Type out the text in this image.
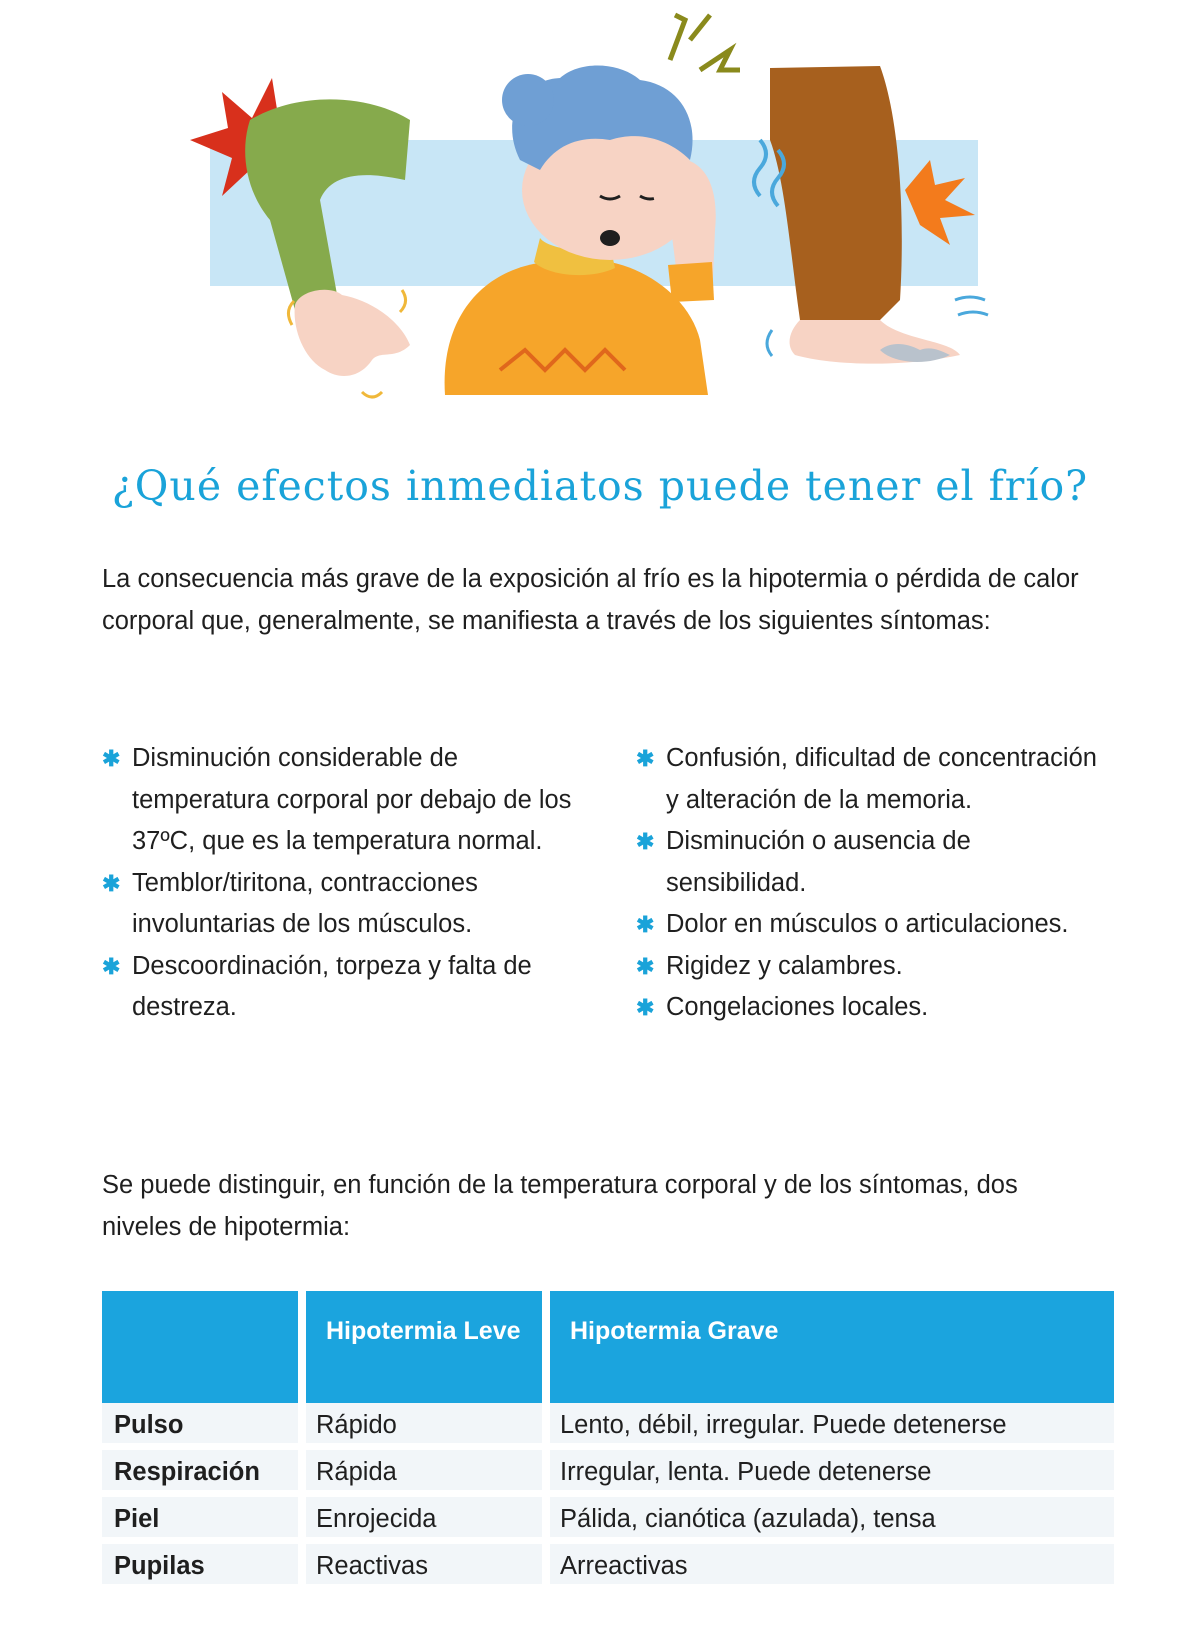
¿Qué efectos inmediatos puede tener el frío?

La consecuencia más grave de la exposición al frío es la hipotermia o pérdida de calor corporal que, generalmente, se manifiesta a través de los siguientes síntomas:

✱ Disminución considerable de temperatura corporal por debajo de los 37ºC, que es la temperatura normal.
✱ Temblor/tiritona, contracciones involuntarias de los músculos.
✱ Descoordinación, torpeza y falta de destreza.
✱ Confusión, dificultad de concentración y alteración de la memoria.
✱ Disminución o ausencia de sensibilidad.
✱ Dolor en músculos o articulaciones.
✱ Rigidez y calambres.
✱ Congelaciones locales.

Se puede distinguir, en función de la temperatura corporal y de los síntomas, dos niveles de hipotermia:

	Hipotermia Leve	Hipotermia Grave
Pulso	Rápido	Lento, débil, irregular. Puede detenerse
Respiración	Rápida	Irregular, lenta. Puede detenerse
Piel	Enrojecida	Pálida, cianótica (azulada), tensa
Pupilas	Reactivas	Arreactivas
